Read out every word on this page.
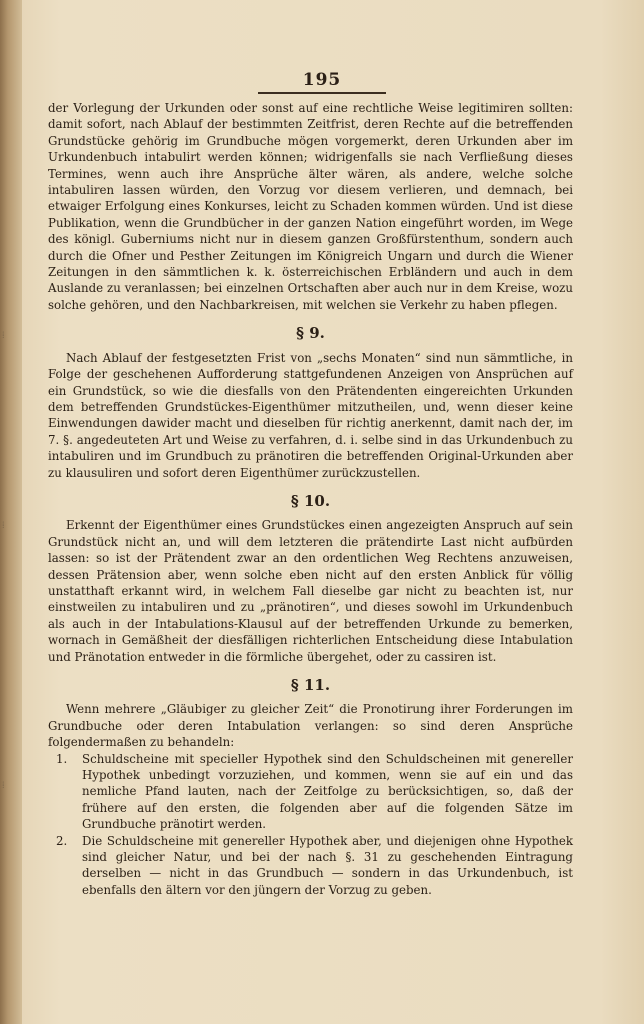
⁞
⁞
⁞
195

der Vorlegung der Urkunden oder sonst auf eine rechtliche Weise legitimiren sollten: damit sofort, nach Ablauf der bestimmten Zeitfrist, deren Rechte auf die betreffenden Grundstücke gehörig im Grundbuche mögen vorgemerkt, deren Urkunden aber im Urkundenbuch intabulirt werden können; widrigenfalls sie nach Verfließung dieses Termines, wenn auch ihre Ansprüche älter wären, als andere, welche solche intabuliren lassen würden, den Vorzug vor diesem verlieren, und demnach, bei etwaiger Erfolgung eines Konkurses, leicht zu Schaden kommen würden. Und ist diese Publikation, wenn die Grundbücher in der ganzen Nation eingeführt worden, im Wege des königl. Guberniums nicht nur in diesem ganzen Großfürstenthum, sondern auch durch die Ofner und Pesther Zeitungen im Königreich Ungarn und durch die Wiener Zeitungen in den sämmtlichen k. k. österreichischen Erbländern und auch in dem Auslande zu veranlassen; bei einzelnen Ortschaften aber auch nur in dem Kreise, wozu solche gehören, und den Nachbarkreisen, mit welchen sie Verkehr zu haben pflegen.

§ 9.

Nach Ablauf der festgesetzten Frist von „sechs Monaten“ sind nun sämmtliche, in Folge der geschehenen Aufforderung stattgefundenen Anzeigen von Ansprüchen auf ein Grundstück, so wie die diesfalls von den Prätendenten eingereichten Urkunden dem betreffenden Grundstückes-Eigenthümer mitzutheilen, und, wenn dieser keine Einwendungen dawider macht und dieselben für richtig anerkennt, damit nach der, im 7. §. angedeuteten Art und Weise zu verfahren, d. i. selbe sind in das Urkundenbuch zu intabuliren und im Grundbuch zu pränotiren die betreffenden Original-Urkunden aber zu klausuliren und sofort deren Eigenthümer zurückzustellen.

§ 10.

Erkennt der Eigenthümer eines Grundstückes einen angezeigten Anspruch auf sein Grundstück nicht an, und will dem letzteren die prätendirte Last nicht aufbürden lassen: so ist der Prätendent zwar an den ordentlichen Weg Rechtens anzuweisen, dessen Prätension aber, wenn solche eben nicht auf den ersten Anblick für völlig unstatthaft erkannt wird, in welchem Fall dieselbe gar nicht zu beachten ist, nur einstweilen zu intabuliren und zu „pränotiren“, und dieses sowohl im Urkundenbuch als auch in der Intabulations-Klausul auf der betreffenden Urkunde zu bemerken, wornach in Gemäßheit der diesfälligen richterlichen Entscheidung diese Intabulation und Pränotation entweder in die förmliche übergehet, oder zu cassiren ist.

§ 11.

Wenn mehrere „Gläubiger zu gleicher Zeit“ die Pronotirung ihrer Forderungen im Grundbuche oder deren Intabulation verlangen: so sind deren Ansprüche folgendermaßen zu behandeln:

1.	Schuldscheine mit specieller Hypothek sind den Schuldscheinen mit genereller Hypothek unbedingt vorzuziehen, und kommen, wenn sie auf ein und das nemliche Pfand lauten, nach der Zeitfolge zu berücksichtigen, so, daß der frühere auf den ersten, die folgenden aber auf die folgenden Sätze im Grundbuche pränotirt werden.
2.	Die Schuldscheine mit genereller Hypothek aber, und diejenigen ohne Hypothek sind gleicher Natur, und bei der nach §. 31 zu geschehenden Eintragung derselben — nicht in das Grundbuch — sondern in das Urkundenbuch, ist ebenfalls den ältern vor den jüngern der Vorzug zu geben.
